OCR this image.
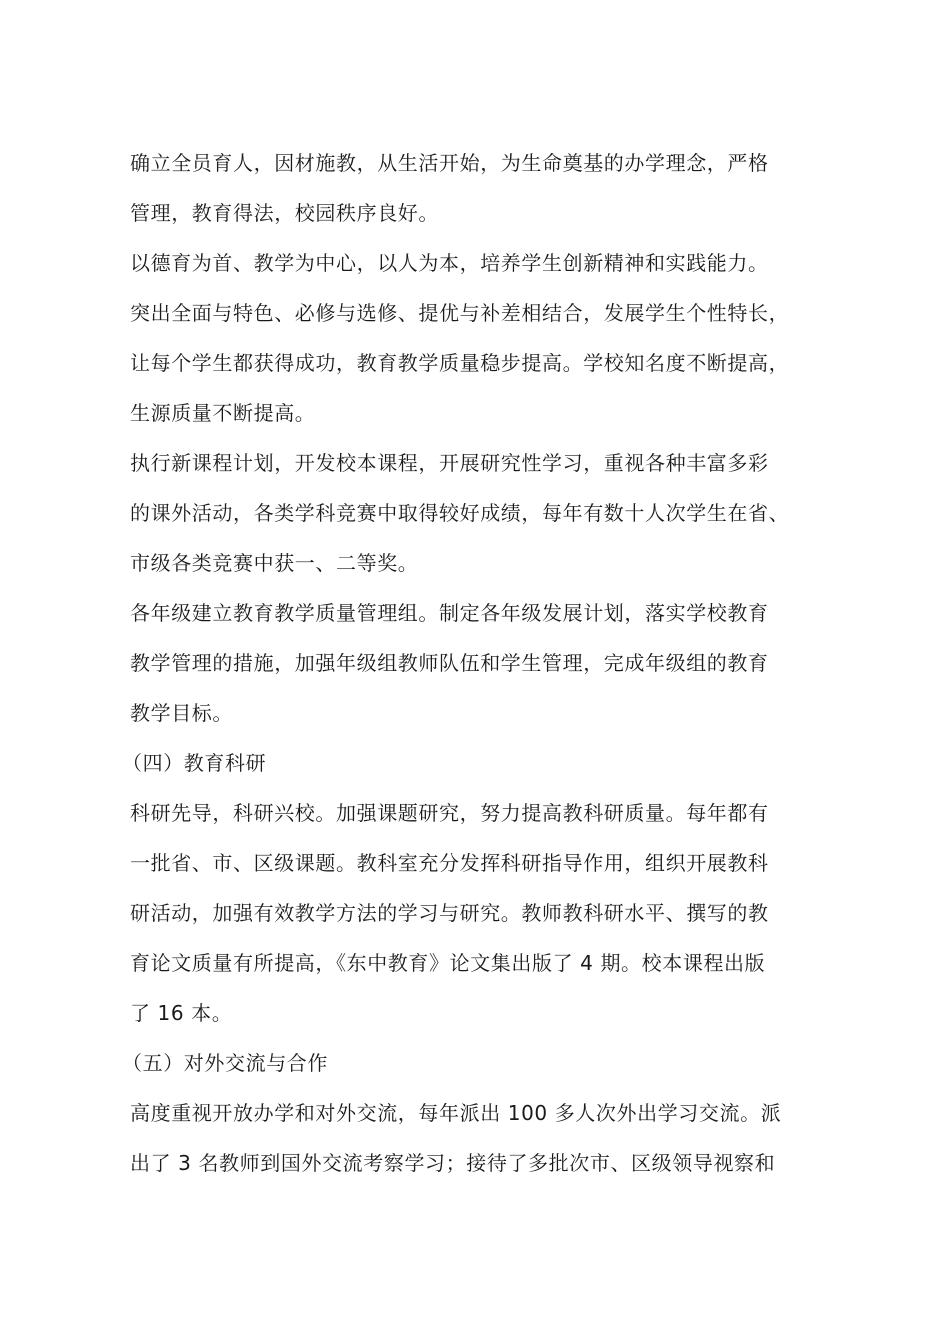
确立全员育人，因材施教，从生活开始，为生命奠基的办学理念，严格
管理，教育得法，校园秩序良好。
以德育为首、教学为中心，以人为本，培养学生创新精神和实践能力。
突出全面与特色、必修与选修、提优与补差相结合，发展学生个性特长，
让每个学生都获得成功，教育教学质量稳步提高。学校知名度不断提高，
生源质量不断提高。
执行新课程计划，开发校本课程，开展研究性学习，重视各种丰富多彩
的课外活动，各类学科竞赛中取得较好成绩，每年有数十人次学生在省、
市级各类竞赛中获一、二等奖。
各年级建立教育教学质量管理组。制定各年级发展计划，落实学校教育
教学管理的措施，加强年级组教师队伍和学生管理，完成年级组的教育
教学目标。
（四）教育科研
科研先导，科研兴校。加强课题研究，努力提高教科研质量。每年都有
一批省、市、区级课题。教科室充分发挥科研指导作用，组织开展教科
研活动，加强有效教学方法的学习与研究。教师教科研水平、撰写的教
育论文质量有所提高，《东中教育》论文集出版了 4 期。校本课程出版
了 16 本。
（五）对外交流与合作
高度重视开放办学和对外交流，每年派出 100 多人次外出学习交流。派
出了 3 名教师到国外交流考察学习；接待了多批次市、区级领导视察和
